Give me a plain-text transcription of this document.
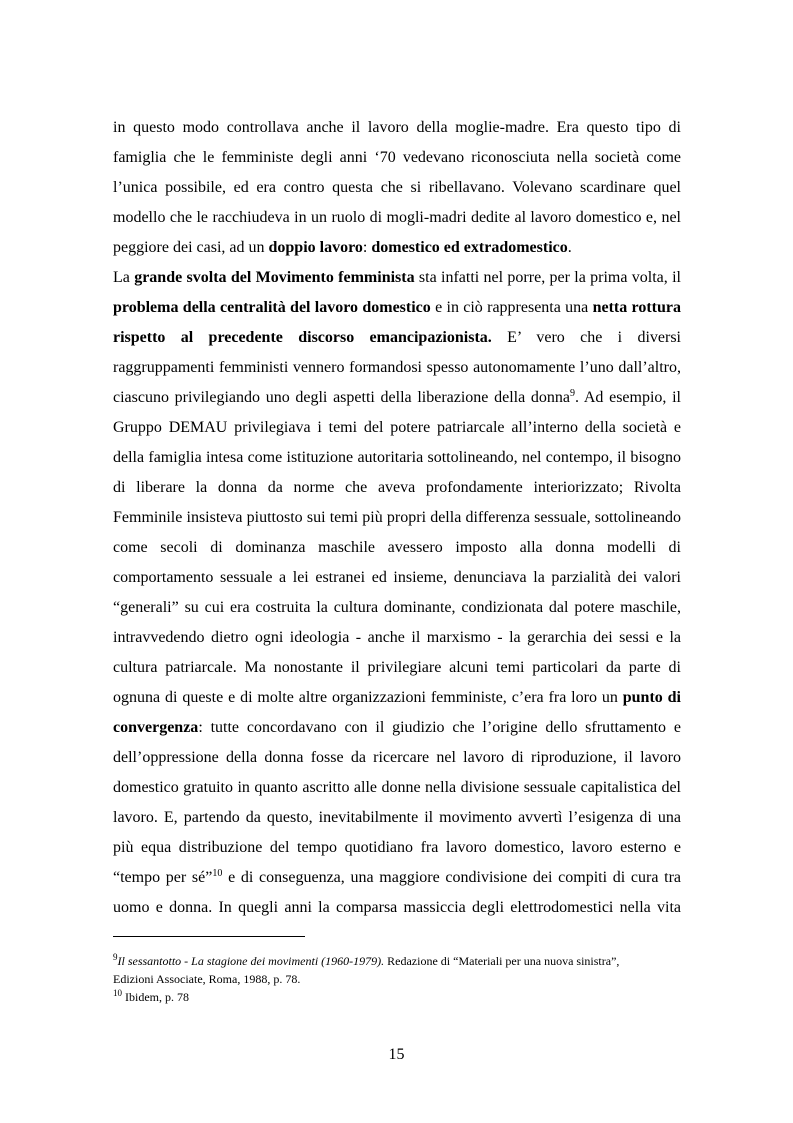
in questo modo controllava anche il lavoro della moglie-madre. Era questo tipo di
famiglia che le femministe degli anni ‘70 vedevano riconosciuta nella società come
l’unica possibile, ed era contro questa che si ribellavano. Volevano scardinare quel
modello che le racchiudeva in un ruolo di mogli-madri dedite al lavoro domestico e, nel
peggiore dei casi, ad un doppio lavoro: domestico ed extradomestico.
La grande svolta del Movimento femminista sta infatti nel porre, per la prima volta, il
problema della centralità del lavoro domestico e in ciò rappresenta una netta rottura
rispetto al precedente discorso emancipazionista. E’ vero che i diversi
raggruppamenti femministi vennero formandosi spesso autonomamente l’uno dall’altro,
ciascuno privilegiando uno degli aspetti della liberazione della donna$^9$. Ad esempio, il
Gruppo DEMAU privilegiava i temi del potere patriarcale all’interno della società e
della famiglia intesa come istituzione autoritaria sottolineando, nel contempo, il bisogno
di liberare la donna da norme che aveva profondamente interiorizzato; Rivolta
Femminile insisteva piuttosto sui temi più propri della differenza sessuale, sottolineando
come secoli di dominanza maschile avessero imposto alla donna modelli di
comportamento sessuale a lei estranei ed insieme, denunciava la parzialità dei valori
“generali” su cui era costruita la cultura dominante, condizionata dal potere maschile,
intravvedendo dietro ogni ideologia - anche il marxismo - la gerarchia dei sessi e la
cultura patriarcale. Ma nonostante il privilegiare alcuni temi particolari da parte di
ognuna di queste e di molte altre organizzazioni femministe, c’era fra loro un punto di
convergenza: tutte concordavano con il giudizio che l’origine dello sfruttamento e
dell’oppressione della donna fosse da ricercare nel lavoro di riproduzione, il lavoro
domestico gratuito in quanto ascritto alle donne nella divisione sessuale capitalistica del
lavoro. E, partendo da questo, inevitabilmente il movimento avvertì l’esigenza di una
più equa distribuzione del tempo quotidiano fra lavoro domestico, lavoro esterno e
“tempo per sé”$^{10}$ e di conseguenza, una maggiore condivisione dei compiti di cura tra
uomo e donna. In quegli anni la comparsa massiccia degli elettrodomestici nella vita
$^9$Il sessantotto - La stagione dei movimenti (1960-1979). Redazione di “Materiali per una nuova sinistra”,
Edizioni Associate, Roma, 1988, p. 78.
$^{10}$ Ibidem, p. 78
15
